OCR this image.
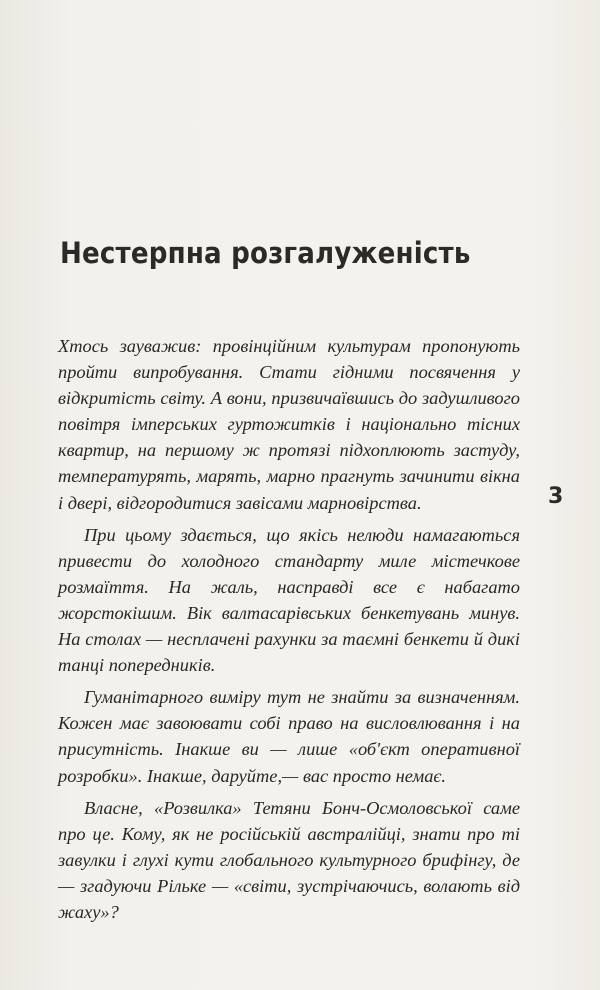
Нестерпна розгалуженість

Хтось зауважив: провінційним культурам пропонують пройти випробування. Стати гідними посвячення у відкритість світу. А вони, призвичаївшись до задушливого повітря імперських гуртожитків і національно тісних квартир, на першому ж протязі підхоплюють застуду, температурять, марять, марно прагнуть зачинити вікна і двері, відгородитися завісами марновірства.

При цьому здається, що якісь нелюди намагаються привести до холодного стандарту миле містечкове розмаїття. На жаль, насправді все є набагато жорстокішим. Вік валтасарівських бенкетувань минув. На столах — несплачені рахунки за таємні бенкети й дикі танці попередників.

Гуманітарного виміру тут не знайти за визначенням. Кожен має завоювати собі право на висловлювання і на присутність. Інакше ви — лише «об'єкт оперативної розробки». Інакше, даруйте,— вас просто немає.

Власне, «Розвилка» Тетяни Бонч-Осмоловської саме про це. Кому, як не російській австралійці, знати про ті завулки і глухі кути глобального культурного брифінгу, де — згадуючи Рільке — «світи, зустрічаючись, волають від жаху»?

3
